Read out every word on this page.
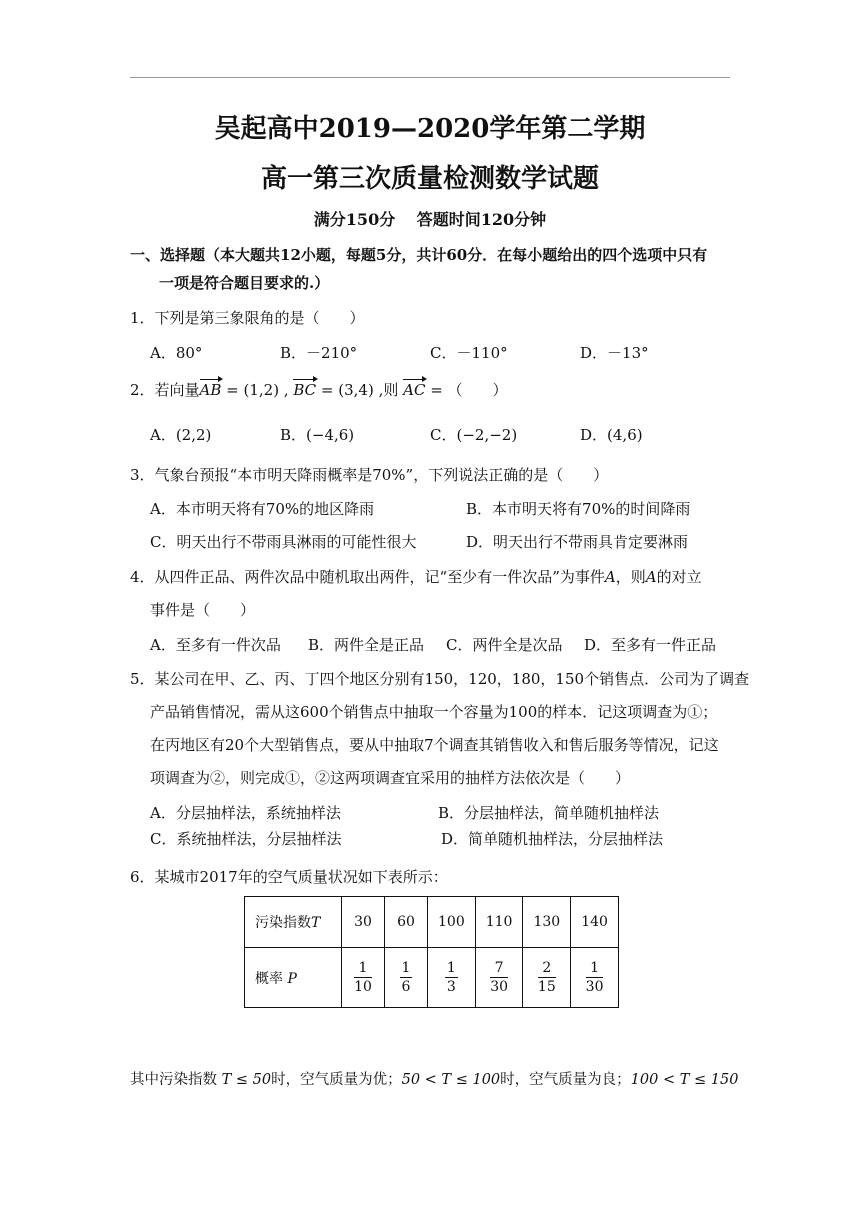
吴起高中2019—2020学年第二学期
高一第三次质量检测数学试题
满分150分 答题时间120分钟
一、选择题（本大题共12小题，每题5分，共计60分．在每小题给出的四个选项中只有
一项是符合题目要求的.）
1．下列是第三象限角的是（　　）
A．80°	B．－210°	C．－110°	D．－13°
2．若向量AB = (1,2) , BC = (3,4) ,则 AC = （　　）
A．(2,2)	B．(−4,6)	C．(−2,−2)	D．(4,6)
3．气象台预报“本市明天降雨概率是70%”，下列说法正确的是（　　）
A．本市明天将有70%的地区降雨	B．本市明天将有70%的时间降雨
C．明天出行不带雨具淋雨的可能性很大	D．明天出行不带雨具肯定要淋雨
4．从四件正品、两件次品中随机取出两件，记“至少有一件次品”为事件A，则A的对立
事件是（　　）
A．至多有一件次品 B．两件全是正品 C．两件全是次品 D．至多有一件正品
5．某公司在甲、乙、丙、丁四个地区分别有150，120，180，150个销售点．公司为了调查
产品销售情况，需从这600个销售点中抽取一个容量为100的样本．记这项调查为①；
在丙地区有20个大型销售点，要从中抽取7个调查其销售收入和售后服务等情况，记这
项调查为②，则完成①，②这两项调查宜采用的抽样方法依次是（　　）
A．分层抽样法，系统抽样法	B．分层抽样法，简单随机抽样法
C．系统抽样法，分层抽样法	D．简单随机抽样法，分层抽样法
6．某城市2017年的空气质量状况如下表所示：
污染指数T	30	60	100	110	130	140
概率 P	$\frac{1}{10}$	$\frac{1}{6}$	$\frac{1}{3}$	$\frac{7}{30}$	$\frac{2}{15}$	$\frac{1}{30}$
其中污染指数 T ≤ 50时，空气质量为优；50 < T ≤ 100时，空气质量为良；100 < T ≤ 150
